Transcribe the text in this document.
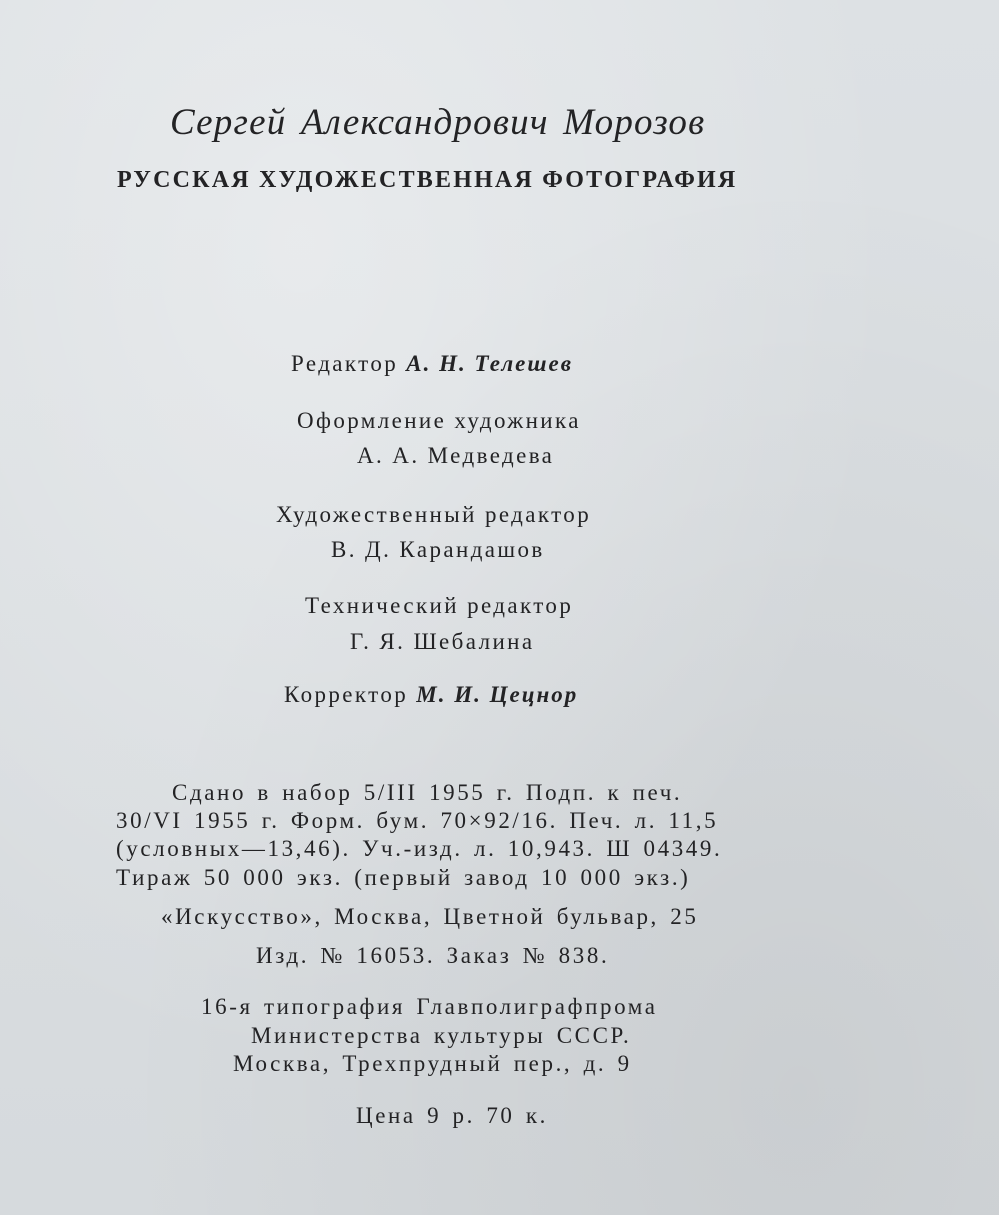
Сергей Александрович Морозов
РУССКАЯ ХУДОЖЕСТВЕННАЯ ФОТОГРАФИЯ
Редактор А. Н. Телешев
Оформление художника
А. А. Медведева
Художественный редактор
В. Д. Карандашов
Технический редактор
Г. Я. Шебалина
Корректор М. И. Цецнор
Сдано в набор 5/III 1955 г. Подп. к печ.
30/VI 1955 г. Форм. бум. 70×92/16. Печ. л. 11,5
(условных—13,46). Уч.-изд. л. 10,943. Ш 04349.
Тираж 50 000 экз. (первый завод 10 000 экз.)
«Искусство», Москва, Цветной бульвар, 25
Изд. № 16053. Заказ № 838.
16-я типография Главполиграфпрома
Министерства культуры СССР.
Москва, Трехпрудный пер., д. 9
Цена 9 р. 70 к.
